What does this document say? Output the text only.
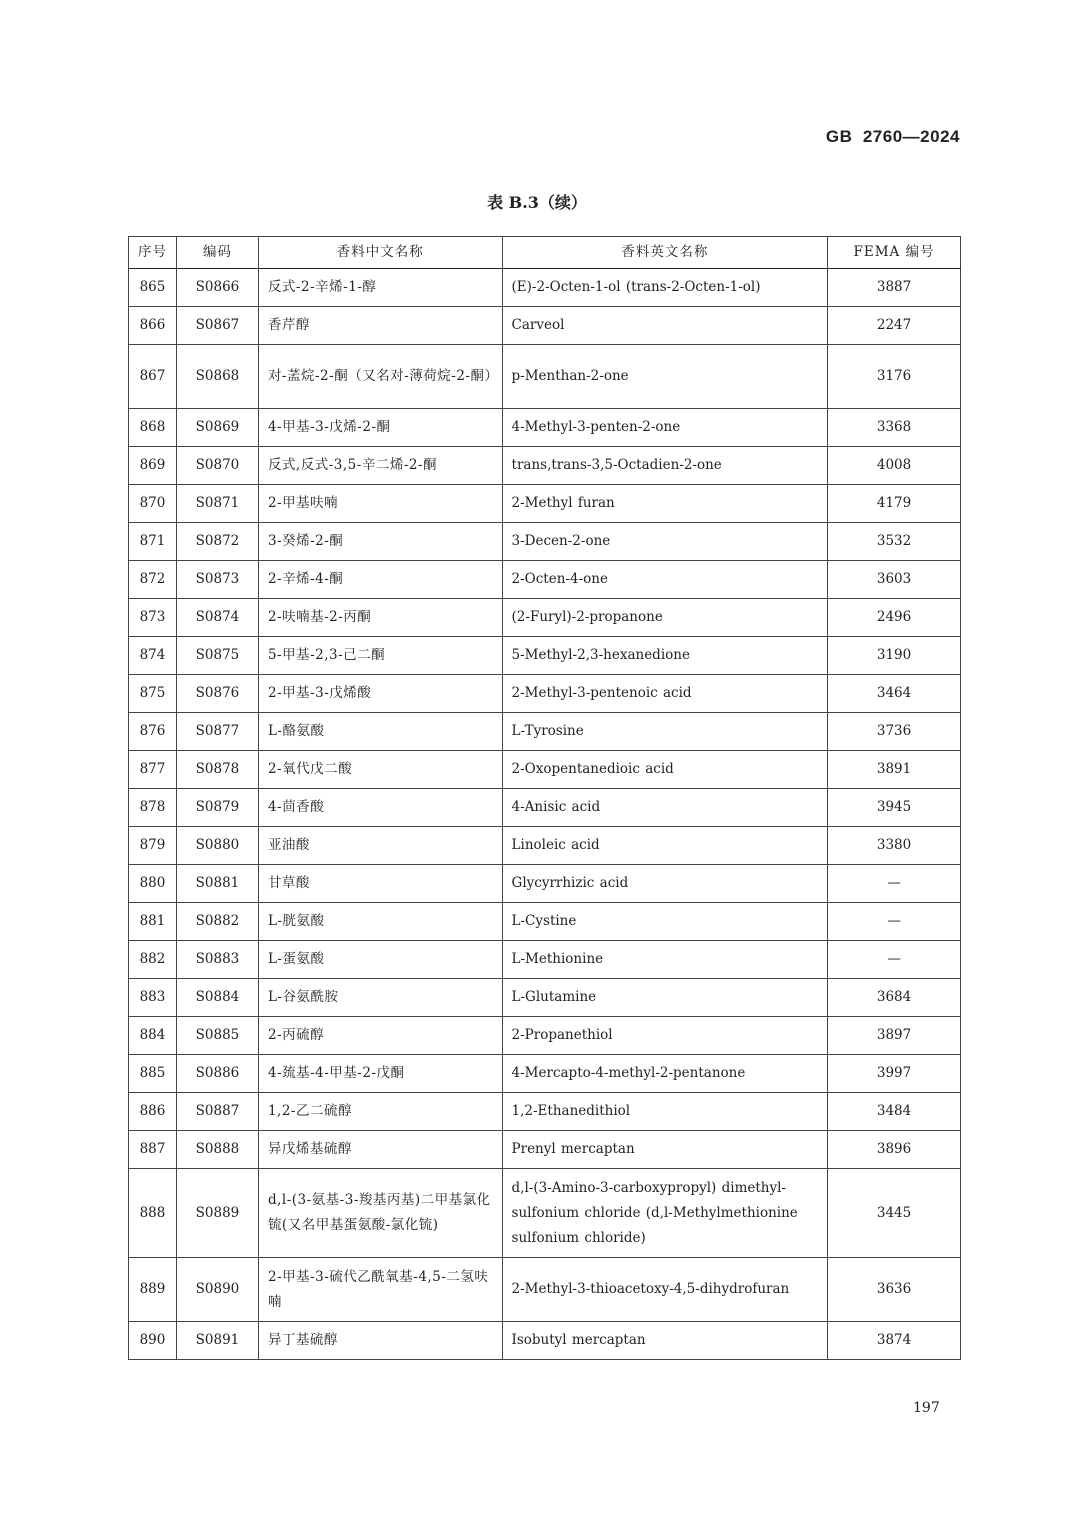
GB  2760—2024
表 B.3（续）
序号	编码	香料中文名称	香料英文名称	FEMA 编号
865	S0866	反式-2-辛烯-1-醇	(E)-2-Octen-1-ol (trans-2-Octen-1-ol)	3887
866	S0867	香芹醇	Carveol	2247
867	S0868	对-䓝烷-2-酮（又名对-薄荷烷-2-酮）	p-Menthan-2-one	3176
868	S0869	4-甲基-3-戊烯-2-酮	4-Methyl-3-penten-2-one	3368
869	S0870	反式,反式-3,5-辛二烯-2-酮	trans,trans-3,5-Octadien-2-one	4008
870	S0871	2-甲基呋喃	2-Methyl furan	4179
871	S0872	3-癸烯-2-酮	3-Decen-2-one	3532
872	S0873	2-辛烯-4-酮	2-Octen-4-one	3603
873	S0874	2-呋喃基-2-丙酮	(2-Furyl)-2-propanone	2496
874	S0875	5-甲基-2,3-己二酮	5-Methyl-2,3-hexanedione	3190
875	S0876	2-甲基-3-戊烯酸	2-Methyl-3-pentenoic acid	3464
876	S0877	L-酪氨酸	L-Tyrosine	3736
877	S0878	2-氧代戊二酸	2-Oxopentanedioic acid	3891
878	S0879	4-茴香酸	4-Anisic acid	3945
879	S0880	亚油酸	Linoleic acid	3380
880	S0881	甘草酸	Glycyrrhizic acid	—
881	S0882	L-胱氨酸	L-Cystine	—
882	S0883	L-蛋氨酸	L-Methionine	—
883	S0884	L-谷氨酰胺	L-Glutamine	3684
884	S0885	2-丙硫醇	2-Propanethiol	3897
885	S0886	4-巯基-4-甲基-2-戊酮	4-Mercapto-4-methyl-2-pentanone	3997
886	S0887	1,2-乙二硫醇	1,2-Ethanedithiol	3484
887	S0888	异戊烯基硫醇	Prenyl mercaptan	3896
888	S0889	d,l-(3-氨基-3-羧基丙基)二甲基氯化锍(又名甲基蛋氨酸-氯化锍)	d,l-(3-Amino-3-carboxypropyl) dimethyl-sulfonium chloride (d,l-Methylmethionine sulfonium chloride)	3445
889	S0890	2-甲基-3-硫代乙酰氧基-4,5-二氢呋喃	2-Methyl-3-thioacetoxy-4,5-dihydrofuran	3636
890	S0891	异丁基硫醇	Isobutyl mercaptan	3874
197
